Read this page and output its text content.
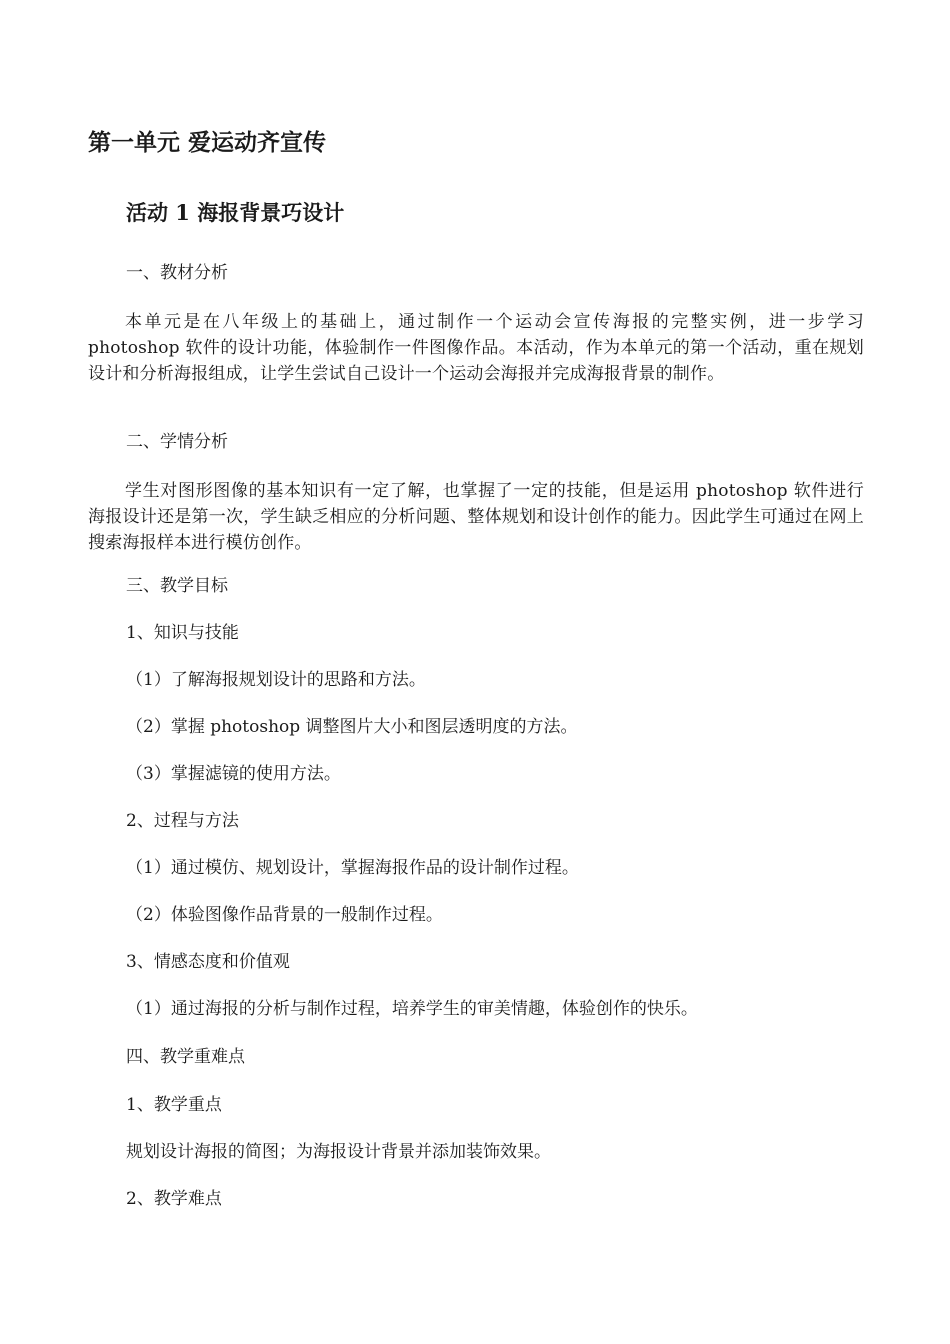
第一单元 爱运动齐宣传
活动 1 海报背景巧设计

一、教材分析

本单元是在八年级上的基础上，通过制作一个运动会宣传海报的完整实例，进一步学习 photoshop 软件的设计功能，体验制作一件图像作品。本活动，作为本单元的第一个活动，重在规划设计和分析海报组成，让学生尝试自己设计一个运动会海报并完成海报背景的制作。

二、学情分析

学生对图形图像的基本知识有一定了解，也掌握了一定的技能，但是运用 photoshop 软件进行海报设计还是第一次，学生缺乏相应的分析问题、整体规划和设计创作的能力。因此学生可通过在网上搜索海报样本进行模仿创作。

三、教学目标

1、知识与技能

（1）了解海报规划设计的思路和方法。

（2）掌握 photoshop 调整图片大小和图层透明度的方法。

（3）掌握滤镜的使用方法。

2、过程与方法

（1）通过模仿、规划设计，掌握海报作品的设计制作过程。

（2）体验图像作品背景的一般制作过程。

3、情感态度和价值观

（1）通过海报的分析与制作过程，培养学生的审美情趣，体验创作的快乐。

四、教学重难点

1、教学重点

规划设计海报的简图；为海报设计背景并添加装饰效果。

2、教学难点
